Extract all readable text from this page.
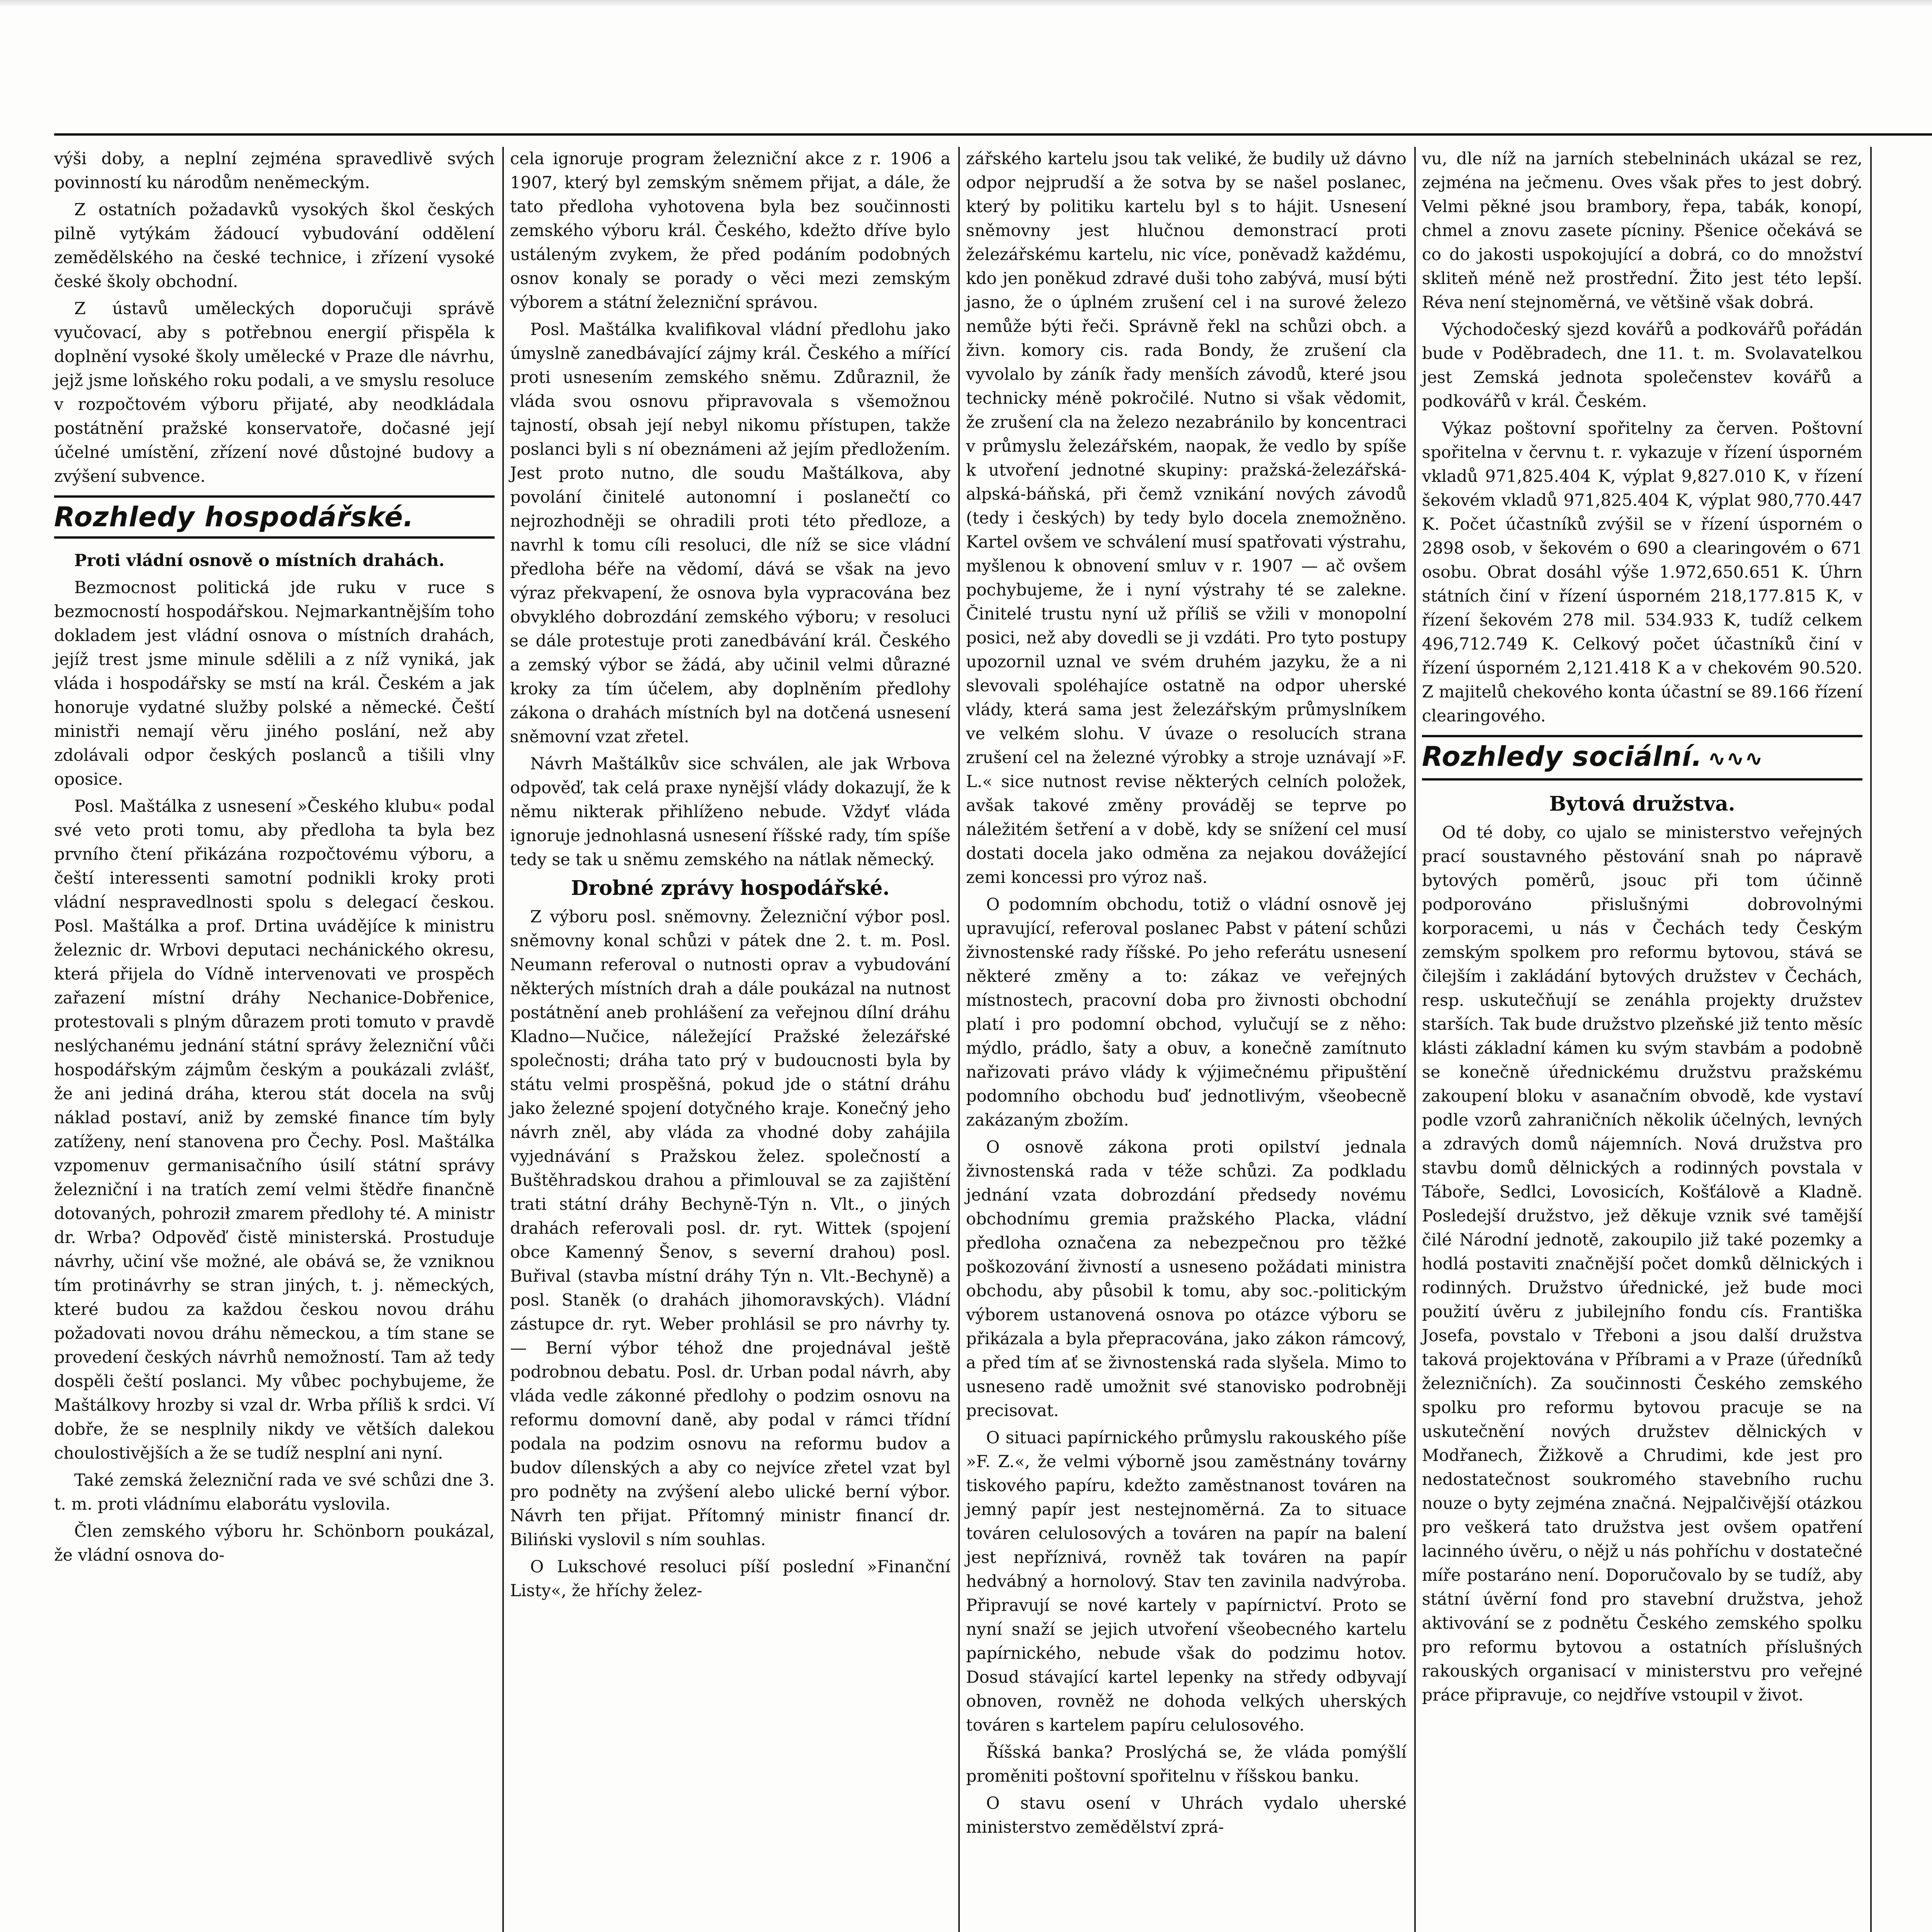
výši doby, a neplní zejména spravedlivě svých povinností ku národům neněmeckým.

Z ostatních požadavků vysokých škol českých pilně vytýkám žádoucí vybudování oddělení zemědělského na české technice, i zřízení vysoké české školy obchodní.

Z ústavů uměleckých doporučuji správě vyučovací, aby s potřebnou energií přispěla k doplnění vysoké školy umělecké v Praze dle návrhu, jejž jsme loňského roku podali, a ve smyslu resoluce v rozpočtovém výboru přijaté, aby neodkládala postátnění pražské konservatoře, dočasné její účelné umístění, zřízení nové důstojné budovy a zvýšení subvence.

Rozhledy hospodářské.

Proti vládní osnově o místních drahách.

Bezmocnost politická jde ruku v ruce s bezmocností hospodářskou. Nejmarkantnějším toho dokladem jest vládní osnova o místních drahách, jejíž trest jsme minule sdělili a z níž vyniká, jak vláda i hospodářsky se mstí na král. Českém a jak honoruje vydatné služby polské a německé. Čeští ministři nemají věru jiného poslání, než aby zdolávali odpor českých poslanců a tišili vlny oposice.

Posl. Maštálka z usnesení »Českého klubu« podal své veto proti tomu, aby předloha ta byla bez prvního čtení přikázána rozpočtovému výboru, a čeští interessenti samotní podnikli kroky proti vládní nespravedlnosti spolu s delegací českou. Posl. Maštálka a prof. Drtina uvádějíce k ministru železnic dr. Wrbovi deputaci nechánického okresu, která přijela do Vídně intervenovati ve prospěch zařazení místní dráhy Nechanice-Dobřenice, protestovali s plným důrazem proti tomuto v pravdě neslýchanému jednání státní správy železniční vůči hospodářským zájmům českým a poukázali zvlášť, že ani jediná dráha, kterou stát docela na svůj náklad postaví, aniž by zemské finance tím byly zatíženy, není stanovena pro Čechy. Posl. Maštálka vzpomenuv germanisačního úsilí státní správy železniční i na tratích zemí velmi štědře finančně dotovaných, pohroził zmarem předlohy té. A ministr dr. Wrba? Odpověď čistě ministerská. Prostuduje návrhy, učiní vše možné, ale obává se, že vzniknou tím protinávrhy se stran jiných, t. j. německých, které budou za každou českou novou dráhu požadovati novou dráhu německou, a tím stane se provedení českých návrhů nemožností. Tam až tedy dospěli čeští poslanci. My vůbec pochybujeme, že Maštálkovy hrozby si vzal dr. Wrba příliš k srdci. Ví dobře, že se nesplnily nikdy ve větších dalekou choulostivějších a že se tudíž nesplní ani nyní.

Také zemská železniční rada ve své schůzi dne 3. t. m. proti vládnímu elaborátu vyslovila.

Člen zemského výboru hr. Schönborn poukázal, že vládní osnova do-

cela ignoruje program železniční akce z r. 1906 a 1907, který byl zemským sněmem přijat, a dále, že tato předloha vyhotovena byla bez součinnosti zemského výboru král. Českého, kdežto dříve bylo ustáleným zvykem, že před podáním podobných osnov konaly se porady o věci mezi zemským výborem a státní železniční správou.

Posl. Maštálka kvalifikoval vládní předlohu jako úmyslně zanedbávající zájmy král. Českého a mířící proti usnesením zemského sněmu. Zdůraznil, že vláda svou osnovu připravovala s všemožnou tajností, obsah její nebyl nikomu přístupen, takže poslanci byli s ní obeznámeni až jejím předložením. Jest proto nutno, dle soudu Maštálkova, aby povolání činitelé autonomní i poslanečtí co nejrozhodněji se ohradili proti této předloze, a navrhl k tomu cíli resoluci, dle níž se sice vládní předloha béře na vědomí, dává se však na jevo výraz překvapení, že osnova byla vypracována bez obvyklého dobrozdání zemského výboru; v resoluci se dále protestuje proti zanedbávání král. Českého a zemský výbor se žádá, aby učinil velmi důrazné kroky za tím účelem, aby doplněním předlohy zákona o drahách místních byl na dotčená usnesení sněmovní vzat zřetel.

Návrh Maštálkův sice schválen, ale jak Wrbova odpověď, tak celá praxe nynější vlády dokazují, že k němu nikterak přihlíženo nebude. Vždyť vláda ignoruje jednohlasná usnesení říšské rady, tím spíše tedy se tak u sněmu zemského na nátlak německý.

Drobné zprávy hospodářské.

Z výboru posl. sněmovny. Železniční výbor posl. sněmovny konal schůzi v pátek dne 2. t. m. Posl. Neumann referoval o nutnosti oprav a vybudování některých místních drah a dále poukázal na nutnost postátnění aneb prohlášení za veřejnou dílní dráhu Kladno—Nučice, náležející Pražské železářské společnosti; dráha tato prý v budoucnosti byla by státu velmi prospěšná, pokud jde o státní dráhu jako železné spojení dotyčného kraje. Konečný jeho návrh zněl, aby vláda za vhodné doby zahájila vyjednávání s Pražskou želez. společností a Buštěhradskou drahou a přimlouval se za zajištění trati státní dráhy Bechyně-Týn n. Vlt., o jiných drahách referovali posl. dr. ryt. Wittek (spojení obce Kamenný Šenov, s severní drahou) posl. Buřival (stavba místní dráhy Týn n. Vlt.-Bechyně) a posl. Staněk (o drahách jihomoravských). Vládní zástupce dr. ryt. Weber prohlásil se pro návrhy ty. — Berní výbor téhož dne projednával ještě podrobnou debatu. Posl. dr. Urban podal návrh, aby vláda vedle zákonné předlohy o podzim osnovu na reformu domovní daně, aby podal v rámci třídní podala na podzim osnovu na reformu budov a budov dílenských a aby co nejvíce zřetel vzat byl pro podněty na zvýšení alebo ulické berní výbor. Návrh ten přijat. Přítomný ministr financí dr. Biliński vyslovil s ním souhlas.

O Lukschové resoluci píší poslední »Finanční Listy«, že hříchy želez-

zářského kartelu jsou tak veliké, že budily už dávno odpor nejprudší a že sotva by se našel poslanec, který by politiku kartelu byl s to hájit. Usnesení sněmovny jest hlučnou demonstrací proti železářskému kartelu, nic více, poněvadž každému, kdo jen poněkud zdravé duši toho zabývá, musí býti jasno, že o úplném zrušení cel i na surové železo nemůže býti řeči. Správně řekl na schůzi obch. a živn. komory cis. rada Bondy, že zrušení cla vyvolalo by záník řady menších závodů, které jsou technicky méně pokročilé. Nutno si však vědomit, že zrušení cla na železo nezabránilo by koncentraci v průmyslu železářském, naopak, že vedlo by spíše k utvoření jednotné skupiny: pražská-železářská-alpská-báňská, při čemž vznikání nových závodů (tedy i českých) by tedy bylo docela znemožněno. Kartel ovšem ve schválení musí spatřovati výstrahu, myšlenou k obnovení smluv v r. 1907 — ač ovšem pochybujeme, že i nyní výstrahy té se zalekne. Činitelé trustu nyní už příliš se vžili v monopolní posici, než aby dovedli se ji vzdáti. Pro tyto postupy upozornil uznal ve svém druhém jazyku, že a ni slevovali spoléhajíce ostatně na odpor uherské vlády, která sama jest železářským průmyslníkem ve velkém slohu. V úvaze o resolucích strana zrušení cel na železné výrobky a stroje uznávají »F. L.« sice nutnost revise některých celních položek, avšak takové změny prováděj se teprve po náležitém šetření a v době, kdy se snížení cel musí dostati docela jako odměna za nejakou dovážející zemi koncessi pro výroz naš.

O podomním obchodu, totiž o vládní osnově jej upravující, referoval poslanec Pabst v pátení schůzi živnostenské rady říšské. Po jeho referátu usnesení některé změny a to: zákaz ve veřejných místnostech, pracovní doba pro živnosti obchodní platí i pro podomní obchod, vylučují se z něho: mýdlo, prádlo, šaty a obuv, a konečně zamítnuto nařizovati právo vlády k výjimečnému připuštění podomního obchodu buď jednotlivým, všeobecně zakázaným zbožím.

O osnově zákona proti opilství jednala živnostenská rada v téže schůzi. Za podkladu jednání vzata dobrozdání předsedy novému obchodnímu gremia pražského Placka, vládní předloha označena za nebezpečnou pro těžké poškozování živností a usneseno požádati ministra obchodu, aby působil k tomu, aby soc.-politickým výborem ustanovená osnova po otázce výboru se přikázala a byla přepracována, jako zákon rámcový, a před tím ať se živnostenská rada slyšela. Mimo to usneseno radě umožnit své stanovisko podrobněji precisovat.

O situaci papírnického průmyslu rakouského píše »F. Z.«, že velmi výborně jsou zaměstnány továrny tiskového papíru, kdežto zaměstnanost továren na jemný papír jest nestejnoměrná. Za to situace továren celulosových a továren na papír na balení jest nepříznivá, rovněž tak továren na papír hedvábný a hornolový. Stav ten zavinila nadvýroba. Připravují se nové kartely v papírnictví. Proto se nyní snaží se jejich utvoření všeobecného kartelu papírnického, nebude však do podzimu hotov. Dosud stávající kartel lepenky na středy odbyvají obnoven, rovněž ne dohoda velkých uherských továren s kartelem papíru celulosového.

Říšská banka? Proslýchá se, že vláda pomýšlí proměniti poštovní spořitelnu v říšskou banku.

O stavu osení v Uhrách vydalo uherské ministerstvo zemědělství zprá-

vu, dle níž na jarních stebelninách ukázal se rez, zejména na ječmenu. Oves však přes to jest dobrý. Velmi pěkné jsou brambory, řepa, tabák, konopí, chmel a znovu zasete pícniny. Pšenice očekává se co do jakosti uspokojující a dobrá, co do množství skliteň méně než prostřední. Žito jest této lepší. Réva není stejnoměrná, ve většině však dobrá.

Východočeský sjezd kovářů a podkovářů pořádán bude v Poděbradech, dne 11. t. m. Svolavatelkou jest Zemská jednota společenstev kovářů a podkovářů v král. Českém.

Výkaz poštovní spořitelny za červen. Poštovní spořitelna v červnu t. r. vykazuje v řízení úsporném vkladů 971,825.404 K, výplat 9,827.010 K, v řízení šekovém vkladů 971,825.404 K, výplat 980,770.447 K. Počet účastníků zvýšil se v řízení úsporném o 2898 osob, v šekovém o 690 a clearingovém o 671 osobu. Obrat dosáhl výše 1.972,650.651 K. Úhrn státních činí v řízení úsporném 218,177.815 K, v řízení šekovém 278 mil. 534.933 K, tudíž celkem 496,712.749 K. Celkový počet účastníků činí v řízení úsporném 2,121.418 K a v chekovém 90.520. Z majitelů chekového konta účastní se 89.166 řízení clearingového.

Rozhledy sociální. ∿∿∿

Bytová družstva.

Od té doby, co ujalo se ministerstvo veřejných prací soustavného pěstování snah po nápravě bytových poměrů, jsouc při tom účinně podporováno přislušnými dobrovolnými korporacemi, u nás v Čechách tedy Českým zemským spolkem pro reformu bytovou, stává se čilejším i zakládání bytových družstev v Čechách, resp. uskutečňují se zenáhla projekty družstev starších. Tak bude družstvo plzeňské již tento měsíc klásti základní kámen ku svým stavbám a podobně se konečně úřednickému družstvu pražskému zakoupení bloku v asanačním obvodě, kde vystaví podle vzorů zahraničních několik účelných, levných a zdravých domů nájemních. Nová družstva pro stavbu domů dělnických a rodinných povstala v Táboře, Sedlci, Lovosicích, Košťálově a Kladně. Posledejší družstvo, jež děkuje vznik své tamější čilé Národní jednotě, zakoupilo již také pozemky a hodlá postaviti značnější počet domků dělnických i rodinných. Družstvo úřednické, jež bude moci použití úvěru z jubilejního fondu cís. Františka Josefa, povstalo v Třeboni a jsou další družstva taková projektována v Příbrami a v Praze (úředníků železničních). Za součinnosti Českého zemského spolku pro reformu bytovou pracuje se na uskutečnění nových družstev dělnických v Modřanech, Žižkově a Chrudimi, kde jest pro nedostatečnost soukromého stavebního ruchu nouze o byty zejména značná. Nejpalčivější otázkou pro veškerá tato družstva jest ovšem opatření lacinného úvěru, o nějž u nás pohříchu v dostatečné míře postaráno není. Doporučovalo by se tudíž, aby státní úvěrní fond pro stavební družstva, jehož aktivování se z podnětu Českého zemského spolku pro reformu bytovou a ostatních příslušných rakouských organisací v ministerstvu pro veřejné práce připravuje, co nejdříve vstoupil v život.
